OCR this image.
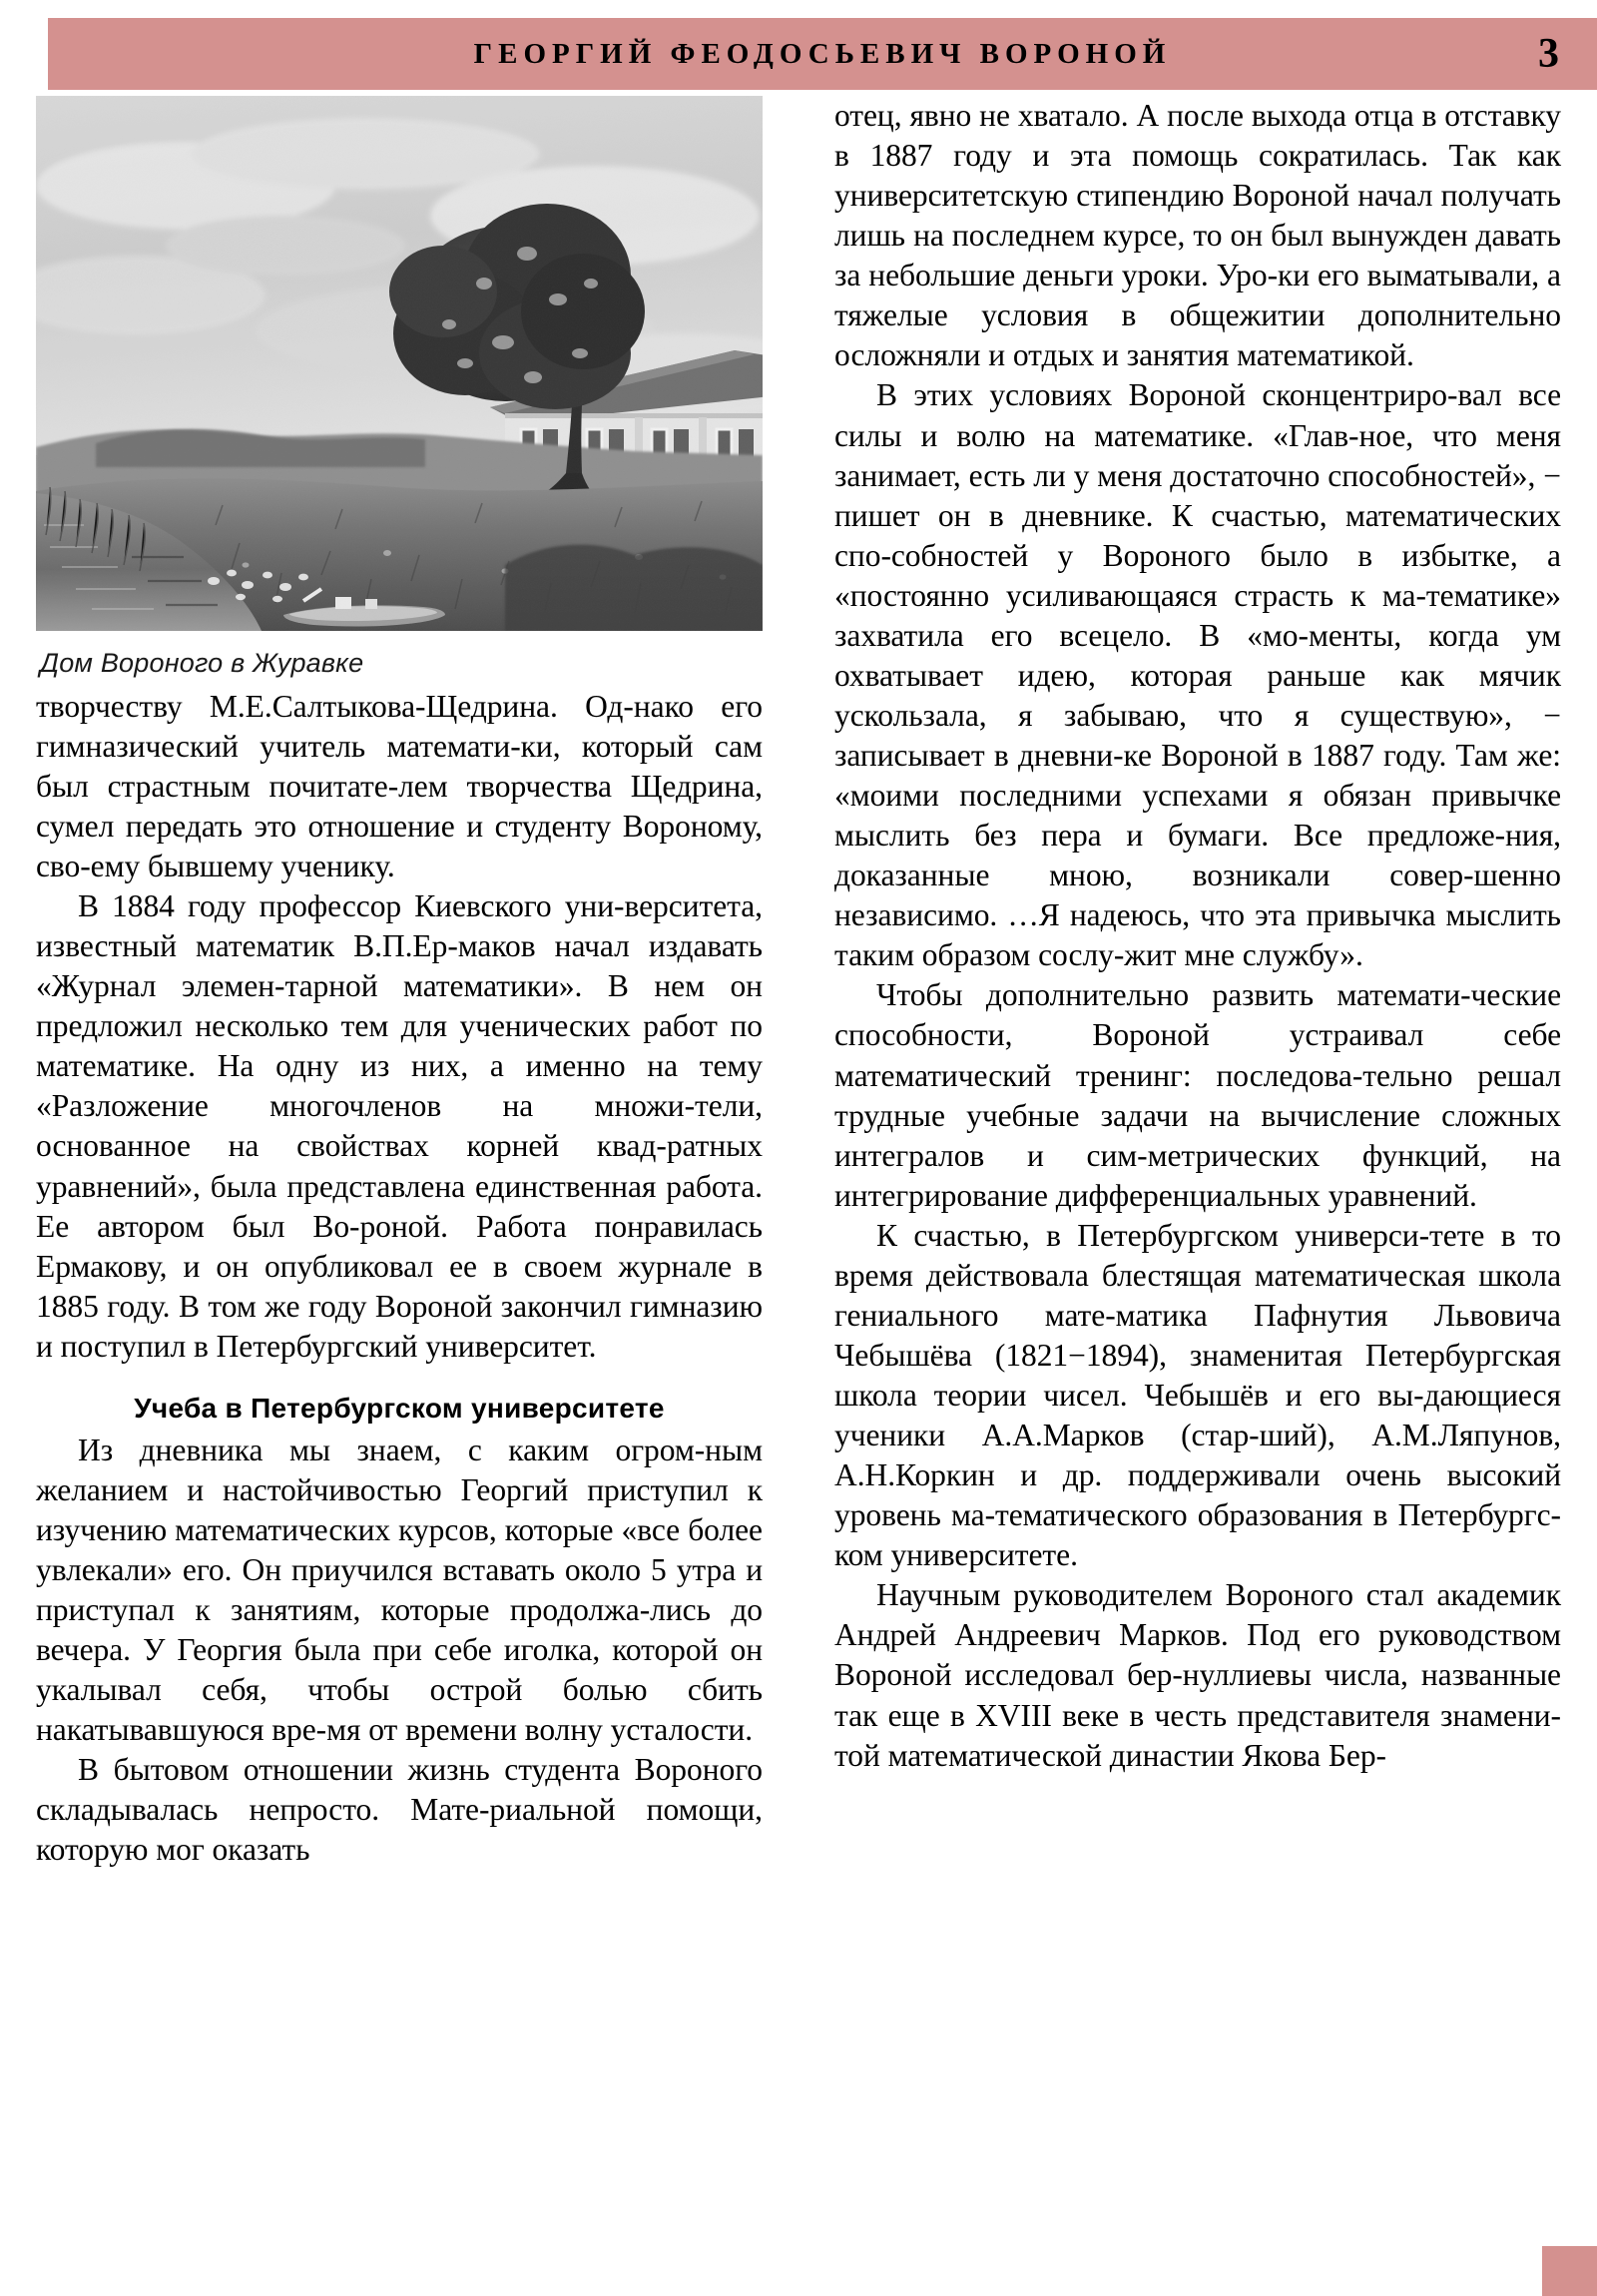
ГЕОРГИЙ ФЕОДОСЬЕВИЧ ВОРОНОЙ	3
Дом Вороного в Журавке

творчеству М.Е.Салтыкова-Щедрина. Од-нако его гимназический учитель математи-ки, который сам был страстным почитате-лем творчества Щедрина, сумел передать это отношение и студенту Вороному, сво-ему бывшему ученику.

В 1884 году профессор Киевского уни-верситета, известный математик В.П.Ер-маков начал издавать «Журнал элемен-тарной математики». В нем он предложил несколько тем для ученических работ по математике. На одну из них, а именно на тему «Разложение многочленов на множи-тели, основанное на свойствах корней квад-ратных уравнений», была представлена единственная работа. Ее автором был Во-роной. Работа понравилась Ермакову, и он опубликовал ее в своем журнале в 1885 году. В том же году Вороной закончил гимназию и поступил в Петербургский университет.

Учеба в Петербургском университете

Из дневника мы знаем, с каким огром-ным желанием и настойчивостью Георгий приступил к изучению математических курсов, которые «все более увлекали» его. Он приучился вставать около 5 утра и приступал к занятиям, которые продолжа-лись до вечера. У Георгия была при себе иголка, которой он укалывал себя, чтобы острой болью сбить накатывавшуюся вре-мя от времени волну усталости.

В бытовом отношении жизнь студента Вороного складывалась непросто. Мате-риальной помощи, которую мог оказать

отец, явно не хватало. А после выхода отца в отставку в 1887 году и эта помощь сократилась. Так как университетскую стипендию Вороной начал получать лишь на последнем курсе, то он был вынужден давать за небольшие деньги уроки. Уро-ки его выматывали, а тяжелые условия в общежитии дополнительно осложняли и отдых и занятия математикой.

В этих условиях Вороной сконцентриро-вал все силы и волю на математике. «Глав-ное, что меня занимает, есть ли у меня достаточно способностей», − пишет он в дневнике. К счастью, математических спо-собностей у Вороного было в избытке, а «постоянно усиливающаяся страсть к ма-тематике» захватила его всецело. В «мо-менты, когда ум охватывает идею, которая раньше как мячик ускользала, я забываю, что я существую», − записывает в дневни-ке Вороной в 1887 году. Там же: «моими последними успехами я обязан привычке мыслить без пера и бумаги. Все предложе-ния, доказанные мною, возникали совер-шенно независимо. …Я надеюсь, что эта привычка мыслить таким образом сослу-жит мне службу».

Чтобы дополнительно развить математи-ческие способности, Вороной устраивал себе математический тренинг: последова-тельно решал трудные учебные задачи на вычисление сложных интегралов и сим-метрических функций, на интегрирование дифференциальных уравнений.

К счастью, в Петербургском универси-тете в то время действовала блестящая математическая школа гениального мате-матика Пафнутия Львовича Чебышёва (1821−1894), знаменитая Петербургская школа теории чисел. Чебышёв и его вы-дающиеся ученики А.А.Марков (стар-ший), А.М.Ляпунов, А.Н.Коркин и др. поддерживали очень высокий уровень ма-тематического образования в Петербургс-ком университете.

Научным руководителем Вороного стал академик Андрей Андреевич Марков. Под его руководством Вороной исследовал бер-нуллиевы числа, названные так еще в XVIII веке в честь представителя знамени-той математической династии Якова Бер-
